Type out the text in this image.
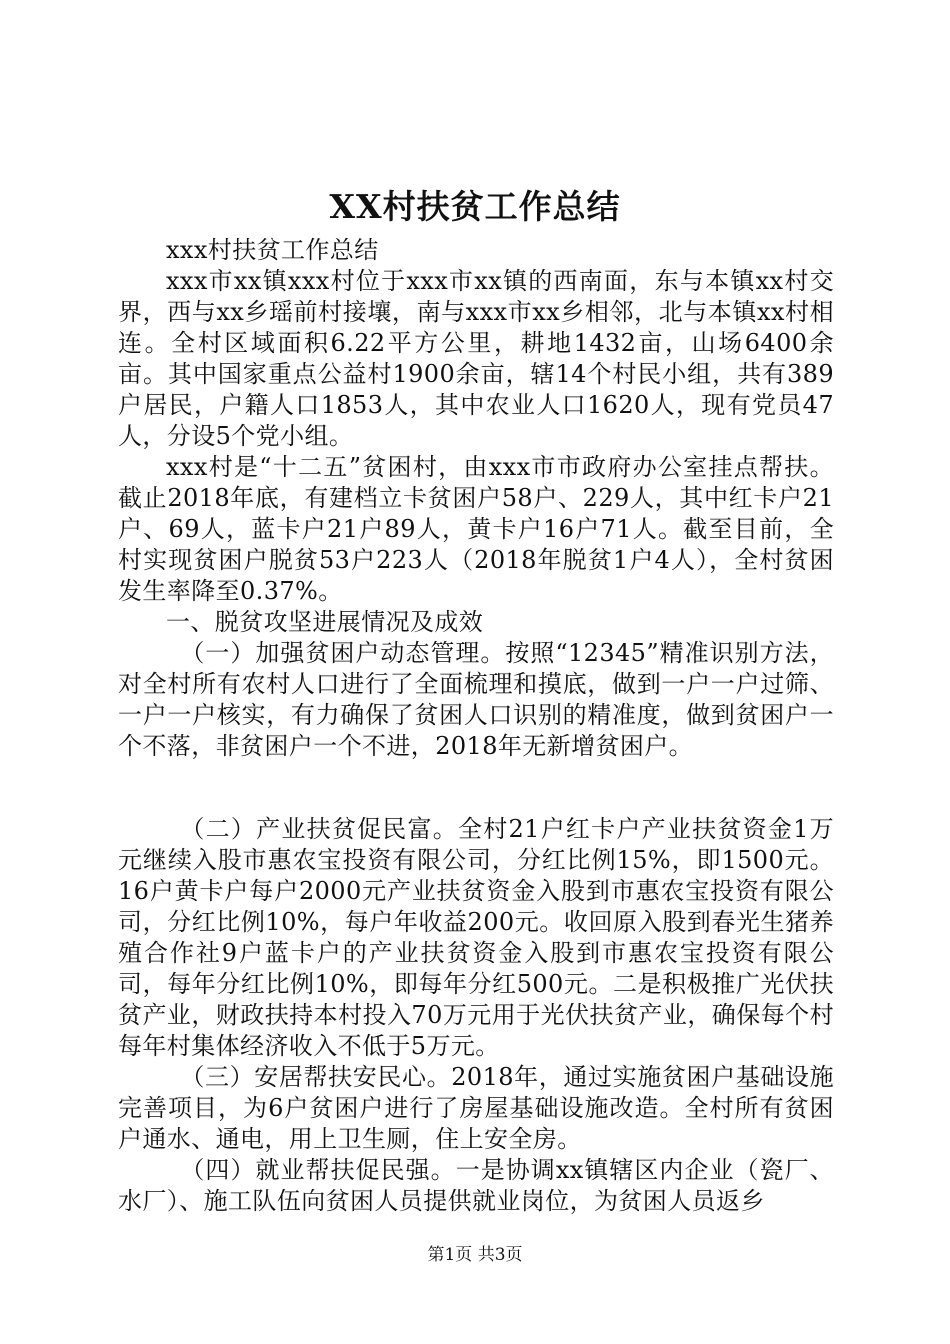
XX村扶贫工作总结

xxx村扶贫工作总结

xxx市xx镇xxx村位于xxx市xx镇的西南面，东与本镇xx村交界，西与xx乡瑶前村接壤，南与xxx市xx乡相邻，北与本镇xx村相连。全村区域面积6.22平方公里，耕地1432亩，山场6400余亩。其中国家重点公益村1900余亩，辖14个村民小组，共有389户居民，户籍人口1853人，其中农业人口1620人，现有党员47人，分设5个党小组。

xxx村是“十二五”贫困村，由xxx市市政府办公室挂点帮扶。截止2018年底，有建档立卡贫困户58户、229人，其中红卡户21户、69人，蓝卡户21户89人，黄卡户16户71人。截至目前，全村实现贫困户脱贫53户223人（2018年脱贫1户4人），全村贫困发生率降至0.37%。

一、脱贫攻坚进展情况及成效

（一）加强贫困户动态管理。按照“12345”精准识别方法，对全村所有农村人口进行了全面梳理和摸底，做到一户一户过筛、一户一户核实，有力确保了贫困人口识别的精准度，做到贫困户一个不落，非贫困户一个不进，2018年无新增贫困户。

（二）产业扶贫促民富。全村21户红卡户产业扶贫资金1万元继续入股市惠农宝投资有限公司，分红比例15%，即1500元。16户黄卡户每户2000元产业扶贫资金入股到市惠农宝投资有限公司，分红比例10%，每户年收益200元。收回原入股到春光生猪养殖合作社9户蓝卡户的产业扶贫资金入股到市惠农宝投资有限公司，每年分红比例10%，即每年分红500元。二是积极推广光伏扶贫产业，财政扶持本村投入70万元用于光伏扶贫产业，确保每个村每年村集体经济收入不低于5万元。

（三）安居帮扶安民心。2018年，通过实施贫困户基础设施完善项目，为6户贫困户进行了房屋基础设施改造。全村所有贫困户通水、通电，用上卫生厕，住上安全房。

（四）就业帮扶促民强。一是协调xx镇辖区内企业（瓷厂、水厂）、施工队伍向贫困人员提供就业岗位，为贫困人员返乡

第1页 共3页
